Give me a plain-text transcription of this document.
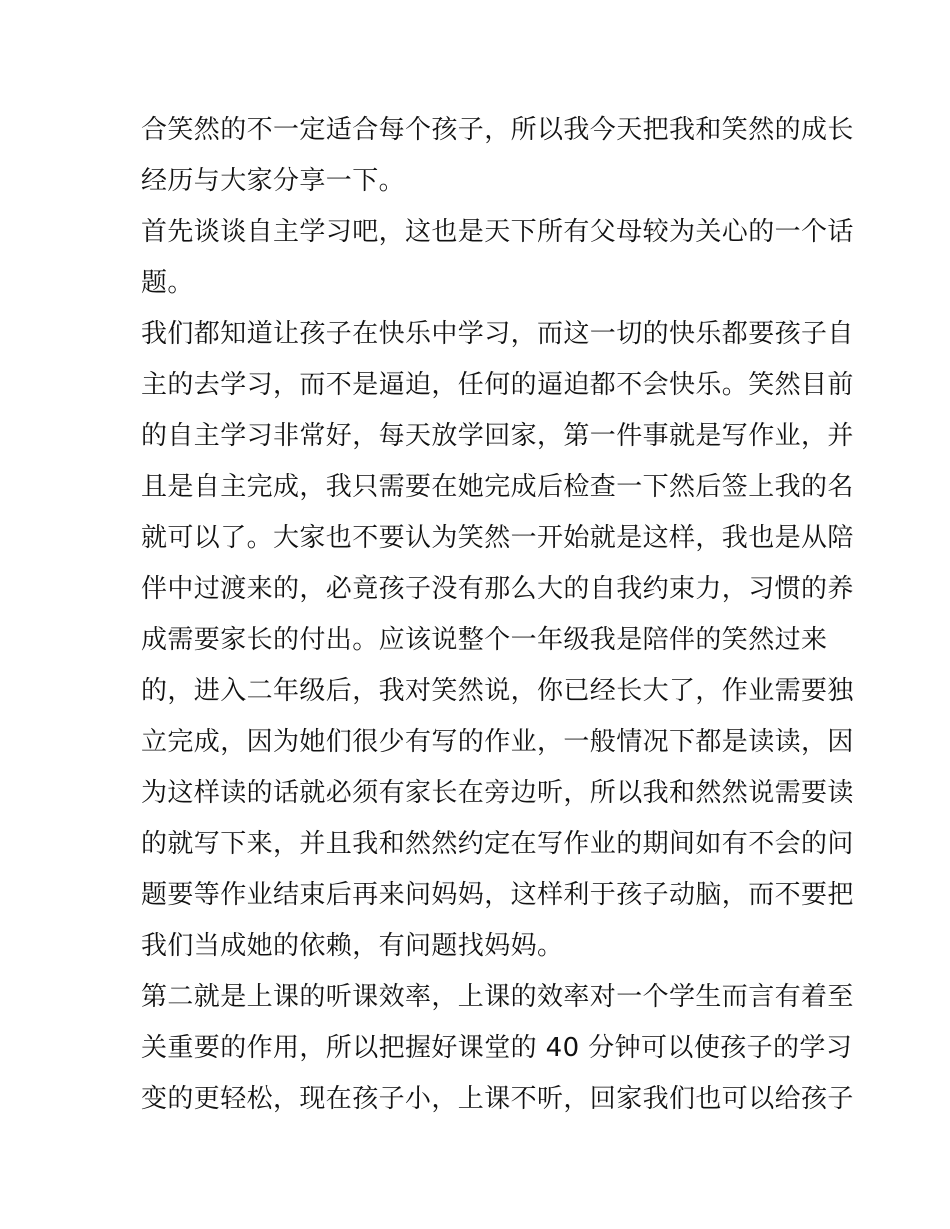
合笑然的不一定适合每个孩子，所以我今天把我和笑然的成长
经历与大家分享一下。
首先谈谈自主学习吧，这也是天下所有父母较为关心的一个话
题。
我们都知道让孩子在快乐中学习，而这一切的快乐都要孩子自
主的去学习，而不是逼迫，任何的逼迫都不会快乐。笑然目前
的自主学习非常好，每天放学回家，第一件事就是写作业，并
且是自主完成，我只需要在她完成后检查一下然后签上我的名
就可以了。大家也不要认为笑然一开始就是这样，我也是从陪
伴中过渡来的，必竟孩子没有那么大的自我约束力，习惯的养
成需要家长的付出。应该说整个一年级我是陪伴的笑然过来
的，进入二年级后，我对笑然说，你已经长大了，作业需要独
立完成，因为她们很少有写的作业，一般情况下都是读读，因
为这样读的话就必须有家长在旁边听，所以我和然然说需要读
的就写下来，并且我和然然约定在写作业的期间如有不会的问
题要等作业结束后再来问妈妈，这样利于孩子动脑，而不要把
我们当成她的依赖，有问题找妈妈。
第二就是上课的听课效率，上课的效率对一个学生而言有着至
关重要的作用，所以把握好课堂的 40 分钟可以使孩子的学习
变的更轻松，现在孩子小，上课不听，回家我们也可以给孩子
